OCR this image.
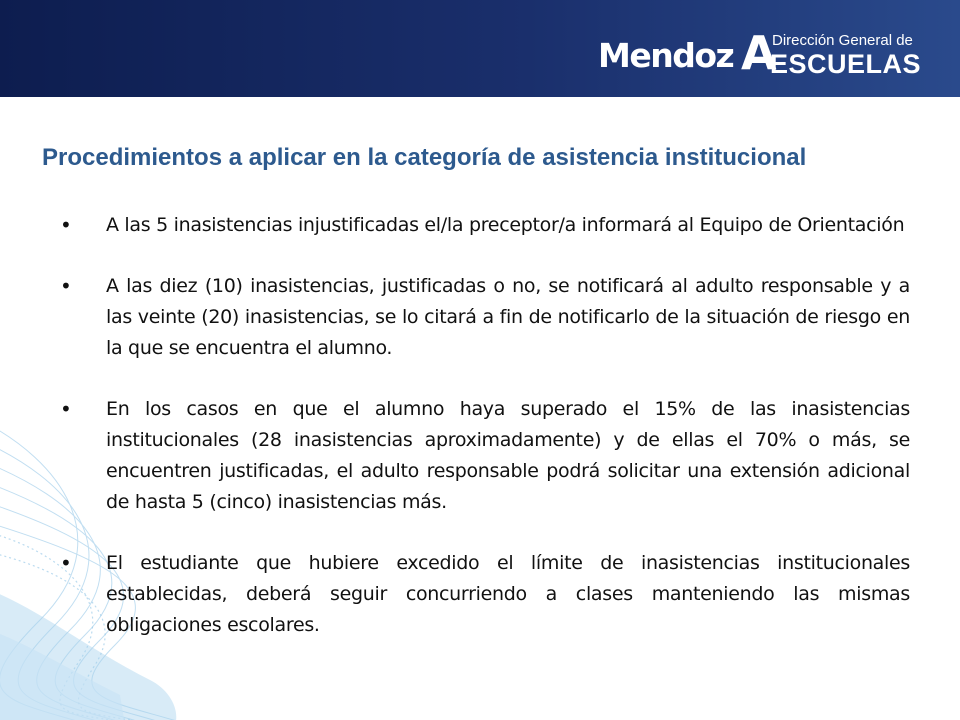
Mendoz A
Dirección General de
ESCUELAS
Procedimientos a aplicar en la categoría de asistencia institucional
• A las 5 inasistencias injustificadas el/la preceptor/a informará al Equipo de Orientación
• A las diez (10) inasistencias, justificadas o no, se notificará al adulto responsable y a las veinte (20) inasistencias, se lo citará a fin de notificarlo de la situación de riesgo en la que se encuentra el alumno.
• En los casos en que el alumno haya superado el 15% de las inasistencias institucionales (28 inasistencias aproximadamente) y de ellas el 70% o más, se encuentren justificadas, el adulto responsable podrá solicitar una extensión adicional de hasta 5 (cinco) inasistencias más.
• El estudiante que hubiere excedido el límite de inasistencias institucionales establecidas, deberá seguir concurriendo a clases manteniendo las mismas obligaciones escolares.
